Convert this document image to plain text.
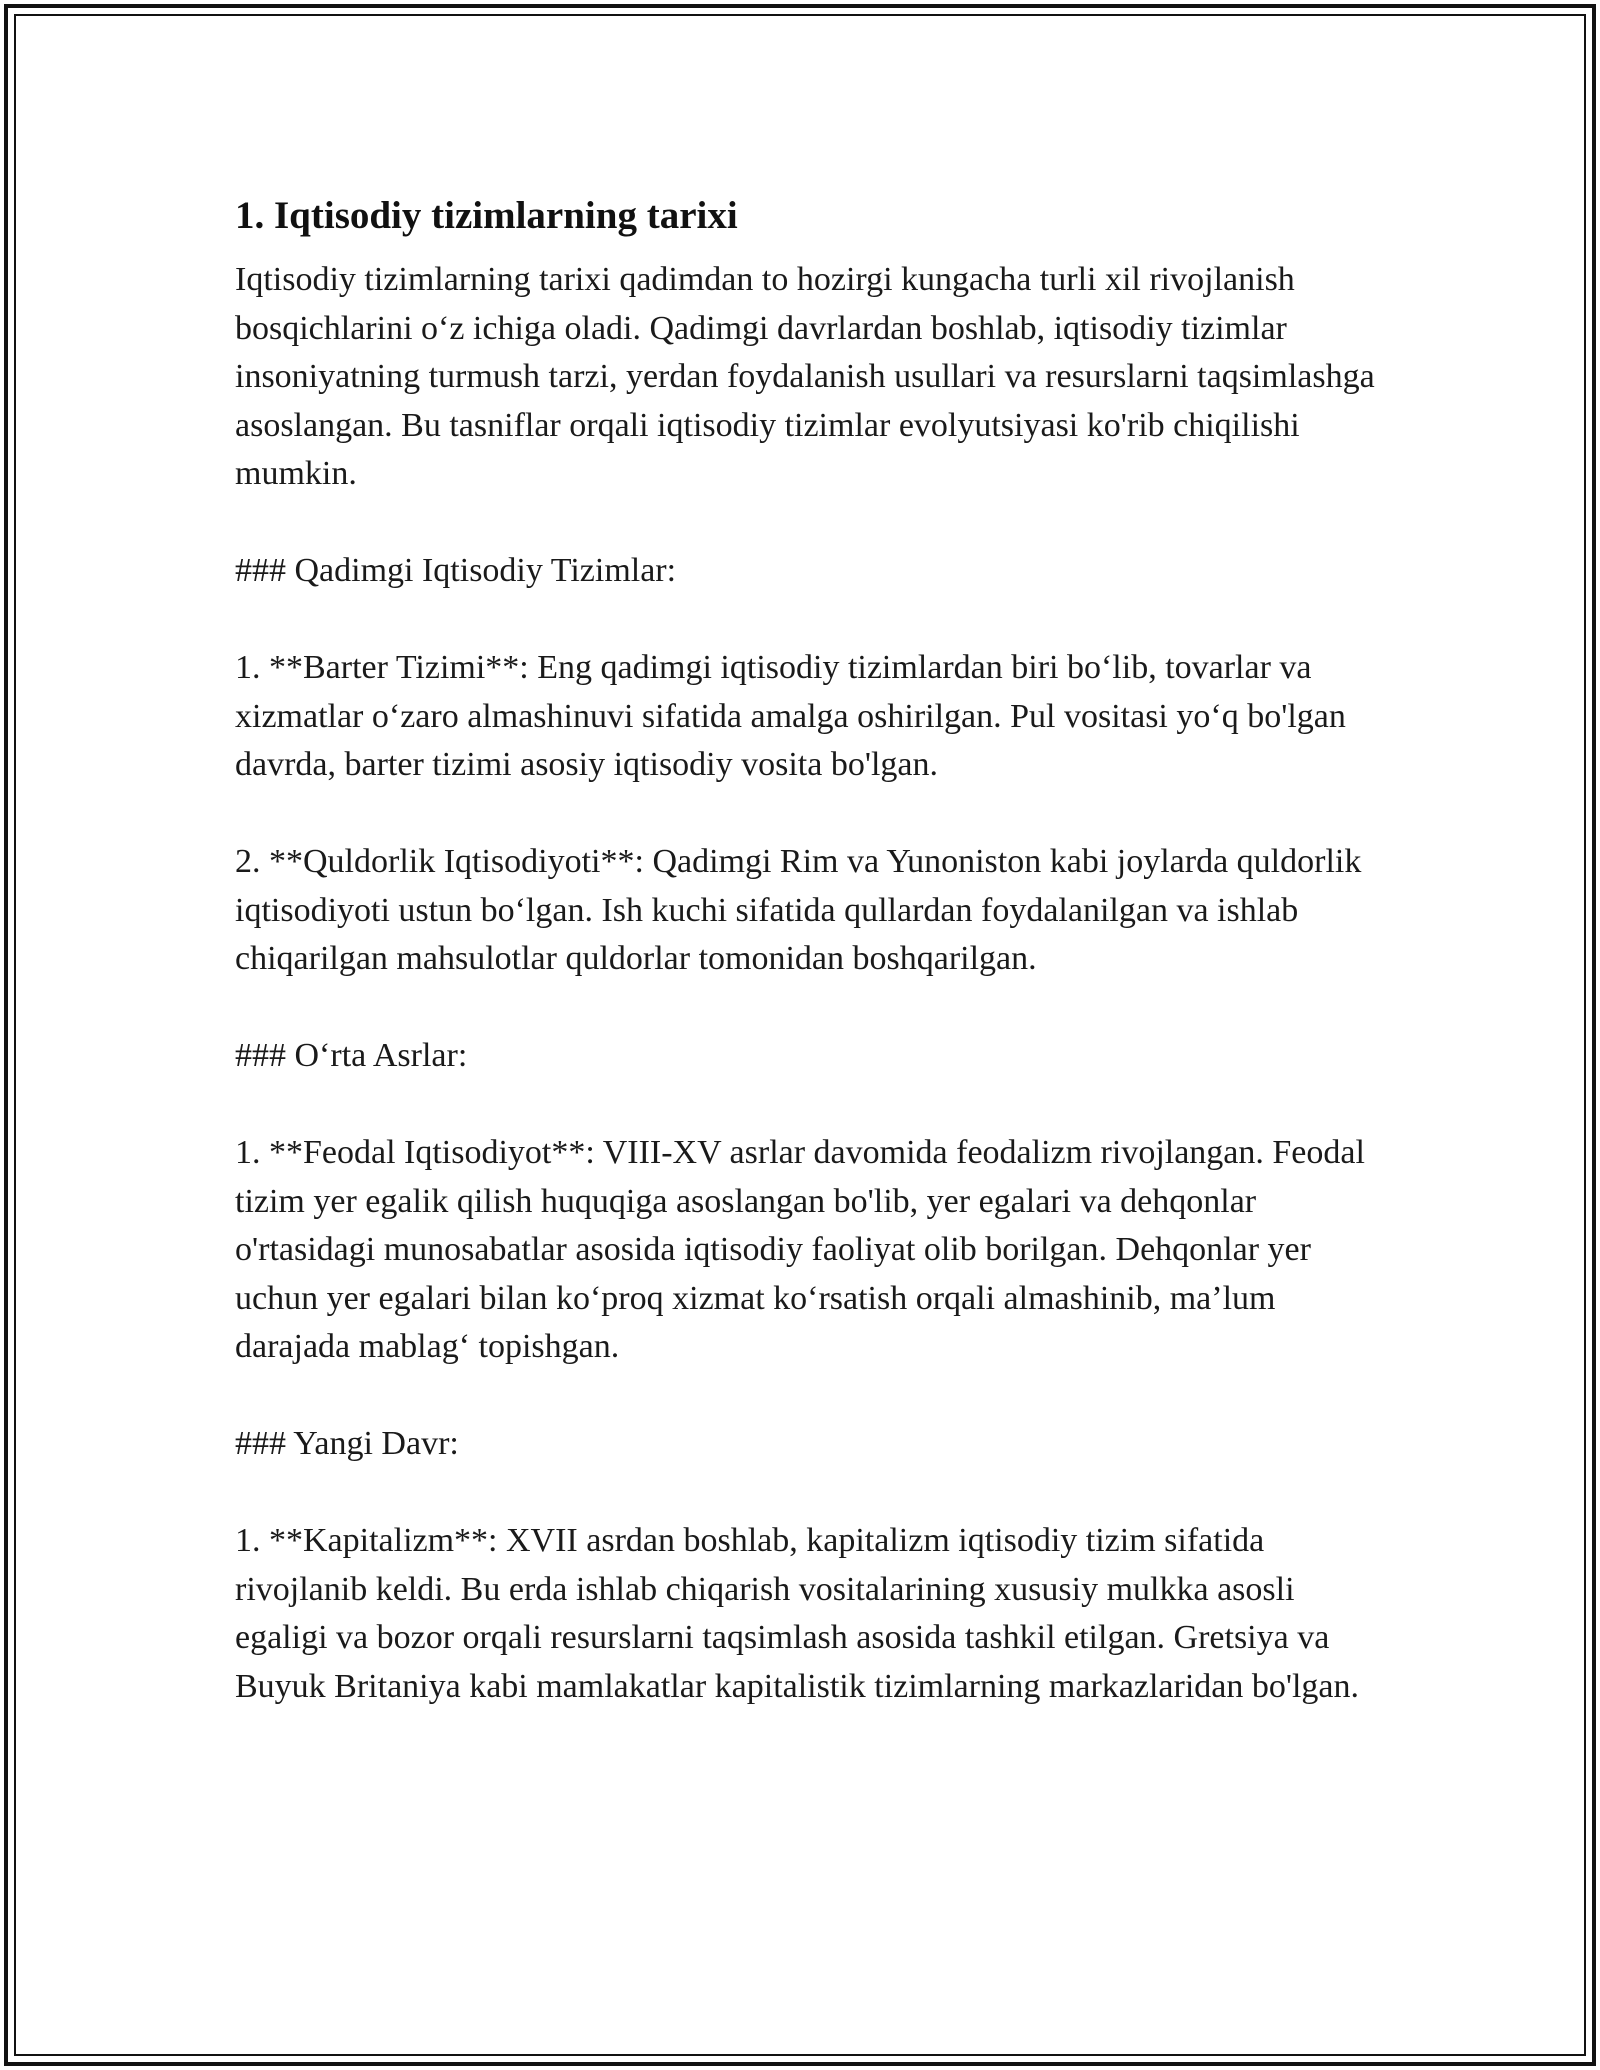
1. Iqtisodiy tizimlarning tarixi

Iqtisodiy tizimlarning tarixi qadimdan to hozirgi kungacha turli xil rivojlanish bosqichlarini o‘z ichiga oladi. Qadimgi davrlardan boshlab, iqtisodiy tizimlar insoniyatning turmush tarzi, yerdan foydalanish usullari va resurslarni taqsimlashga asoslangan. Bu tasniflar orqali iqtisodiy tizimlar evolyutsiyasi ko'rib chiqilishi mumkin.

### Qadimgi Iqtisodiy Tizimlar:

1. **Barter Tizimi**: Eng qadimgi iqtisodiy tizimlardan biri bo‘lib, tovarlar va xizmatlar o‘zaro almashinuvi sifatida amalga oshirilgan. Pul vositasi yo‘q bo'lgan davrda, barter tizimi asosiy iqtisodiy vosita bo'lgan.

2. **Quldorlik Iqtisodiyoti**: Qadimgi Rim va Yunoniston kabi joylarda quldorlik iqtisodiyoti ustun bo‘lgan. Ish kuchi sifatida qullardan foydalanilgan va ishlab chiqarilgan mahsulotlar quldorlar tomonidan boshqarilgan.

### O‘rta Asrlar:

1. **Feodal Iqtisodiyot**: VIII-XV asrlar davomida feodalizm rivojlangan. Feodal tizim yer egalik qilish huquqiga asoslangan bo'lib, yer egalari va dehqonlar o'rtasidagi munosabatlar asosida iqtisodiy faoliyat olib borilgan. Dehqonlar yer uchun yer egalari bilan ko‘proq xizmat ko‘rsatish orqali almashinib, ma’lum darajada mablag‘ topishgan.

### Yangi Davr:

1. **Kapitalizm**: XVII asrdan boshlab, kapitalizm iqtisodiy tizim sifatida rivojlanib keldi. Bu erda ishlab chiqarish vositalarining xususiy mulkka asosli egaligi va bozor orqali resurslarni taqsimlash asosida tashkil etilgan. Gretsiya va Buyuk Britaniya kabi mamlakatlar kapitalistik tizimlarning markazlaridan bo'lgan.
